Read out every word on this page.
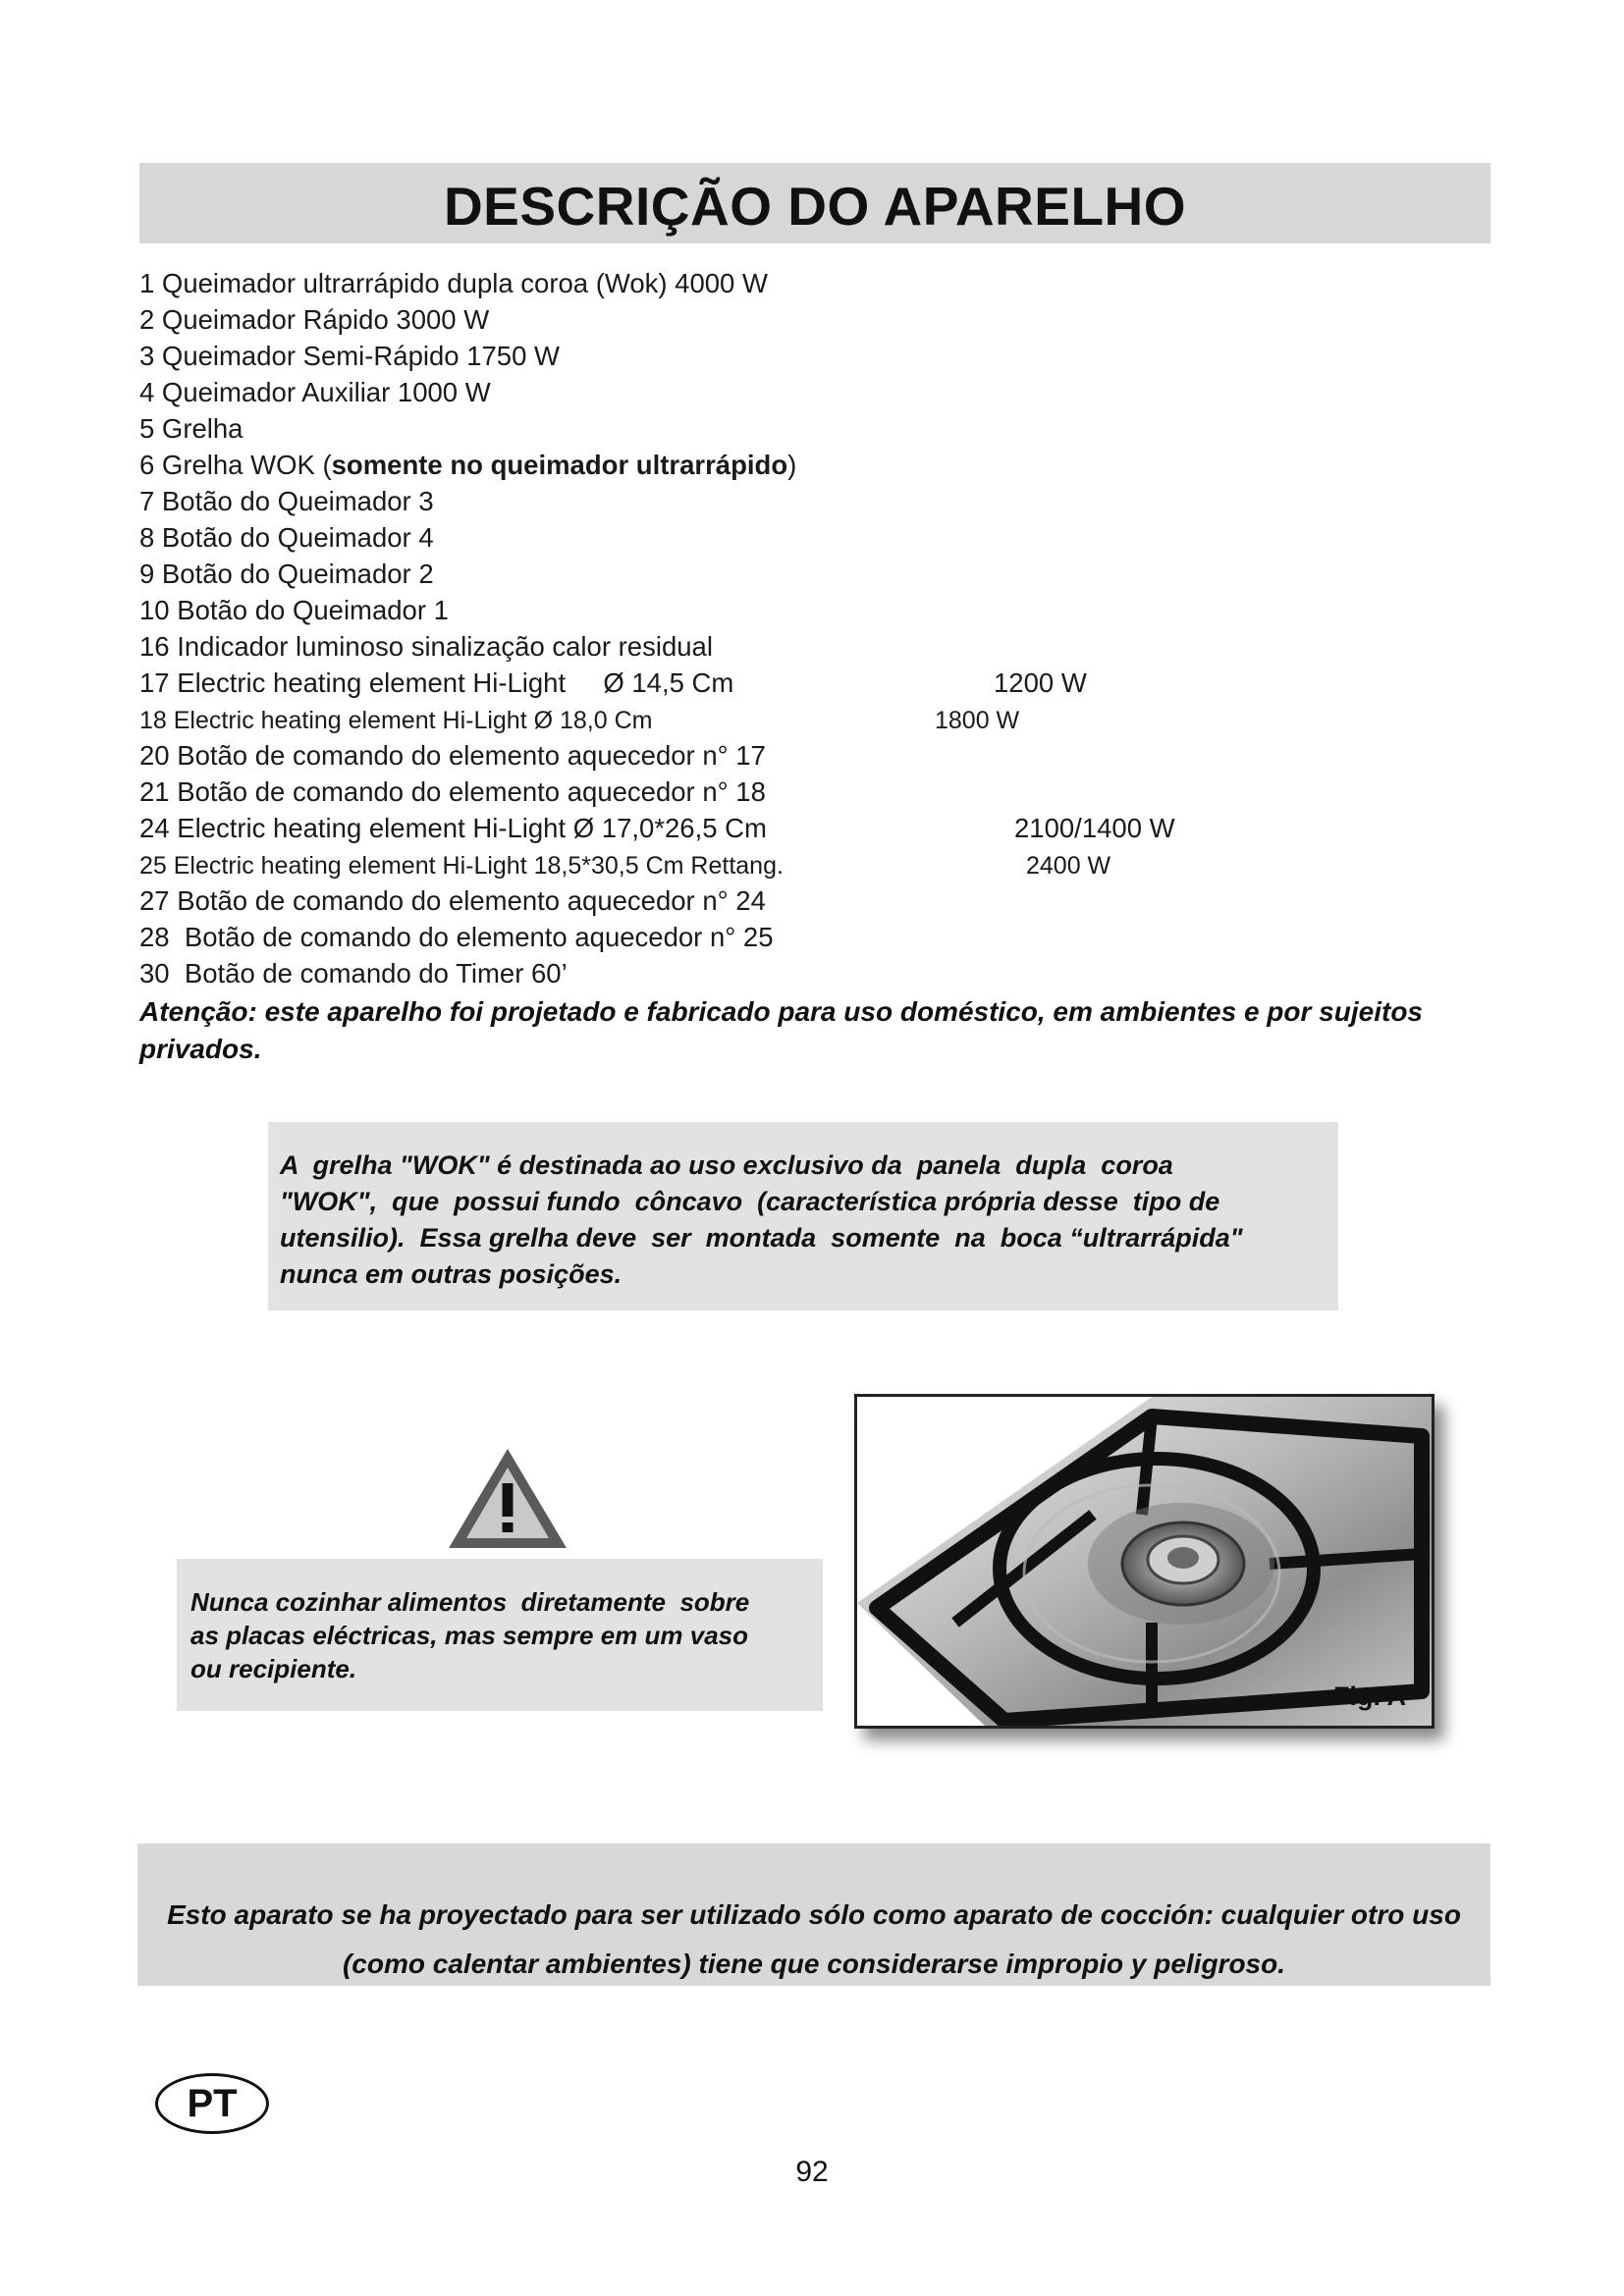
DESCRIÇÃO DO APARELHO
1 Queimador ultrarrápido dupla coroa (Wok) 4000 W
2 Queimador Rápido 3000 W
3 Queimador Semi-Rápido 1750 W
4 Queimador Auxiliar 1000 W
5 Grelha
6 Grelha WOK (somente no queimador ultrarrápido)
7 Botão do Queimador 3
8 Botão do Queimador 4
9 Botão do Queimador 2
10 Botão do Queimador 1
16 Indicador luminoso sinalização calor residual
17 Electric heating element Hi-Light     Ø 14,5 Cm	1200 W
18 Electric heating element Hi-Light Ø 18,0 Cm	1800 W
20 Botão de comando do elemento aquecedor n° 17
21 Botão de comando do elemento aquecedor n° 18
24 Electric heating element Hi-Light Ø 17,0*26,5 Cm	2100/1400 W
25 Electric heating element Hi-Light 18,5*30,5 Cm Rettang.	2400 W
27 Botão de comando do elemento aquecedor n° 24
28  Botão de comando do elemento aquecedor n° 25
30  Botão de comando do Timer 60’
Atenção: este aparelho foi projetado e fabricado para uso doméstico, em ambientes e por sujeitos privados.
A  grelha "WOK" é destinada ao uso exclusivo da  panela  dupla  coroa
"WOK",  que  possui fundo  côncavo  (característica própria desse  tipo de
utensilio).  Essa grelha deve  ser  montada  somente  na  boca “ultrarrápida"
nunca em outras posições.
Nunca cozinhar alimentos  diretamente  sobre
as placas eléctricas, mas sempre em um vaso
ou recipiente.
Fig. A
Esto aparato se ha proyectado para ser utilizado sólo como aparato de cocción: cualquier otro uso
(como calentar ambientes) tiene que considerarse impropio y peligroso.
PT
92
